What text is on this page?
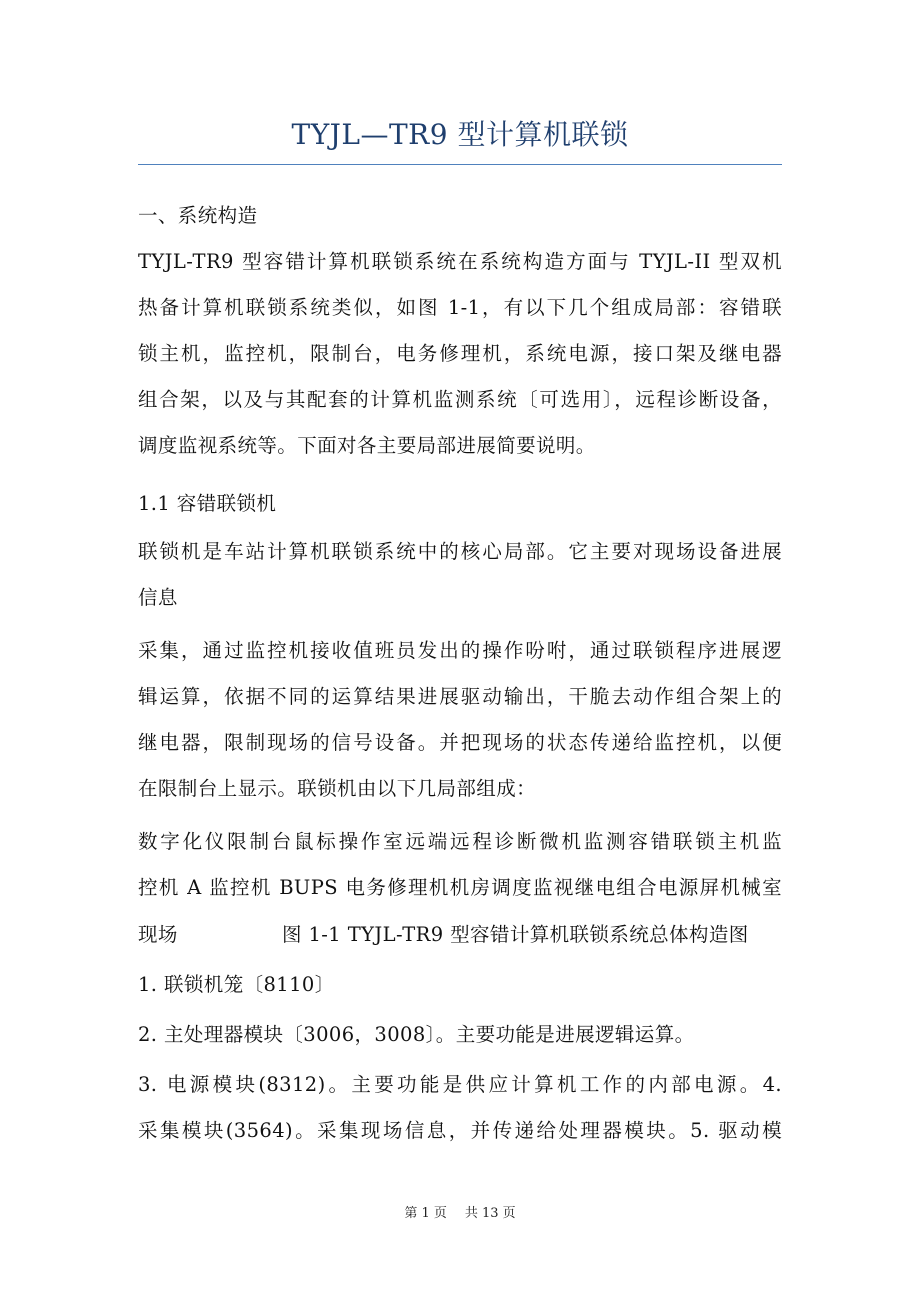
TYJL—TR9 型计算机联锁
一、系统构造
TYJL-TR9 型容错计算机联锁系统在系统构造方面与 TYJL-II 型双机
热备计算机联锁系统类似，如图 1-1，有以下几个组成局部：容错联
锁主机，监控机，限制台，电务修理机，系统电源，接口架及继电器
组合架，以及与其配套的计算机监测系统〔可选用〕，远程诊断设备，
调度监视系统等。下面对各主要局部进展简要说明。
1.1 容错联锁机
联锁机是车站计算机联锁系统中的核心局部。它主要对现场设备进展
信息
采集，通过监控机接收值班员发出的操作吩咐，通过联锁程序进展逻
辑运算，依据不同的运算结果进展驱动输出，干脆去动作组合架上的
继电器，限制现场的信号设备。并把现场的状态传递给监控机，以便
在限制台上显示。联锁机由以下几局部组成：
数字化仪限制台鼠标操作室远端远程诊断微机监测容错联锁主机监
控机 A 监控机 BUPS 电务修理机机房调度监视继电组合电源屏机械室
现场	图 1-1 TYJL-TR9 型容错计算机联锁系统总体构造图
1. 联锁机笼〔8110〕
2. 主处理器模块〔3006，3008〕。主要功能是进展逻辑运算。
3. 电源模块(8312)。主要功能是供应计算机工作的内部电源。4.
采集模块(3564)。采集现场信息，并传递给处理器模块。5. 驱动模
第 1 页 共 13 页
